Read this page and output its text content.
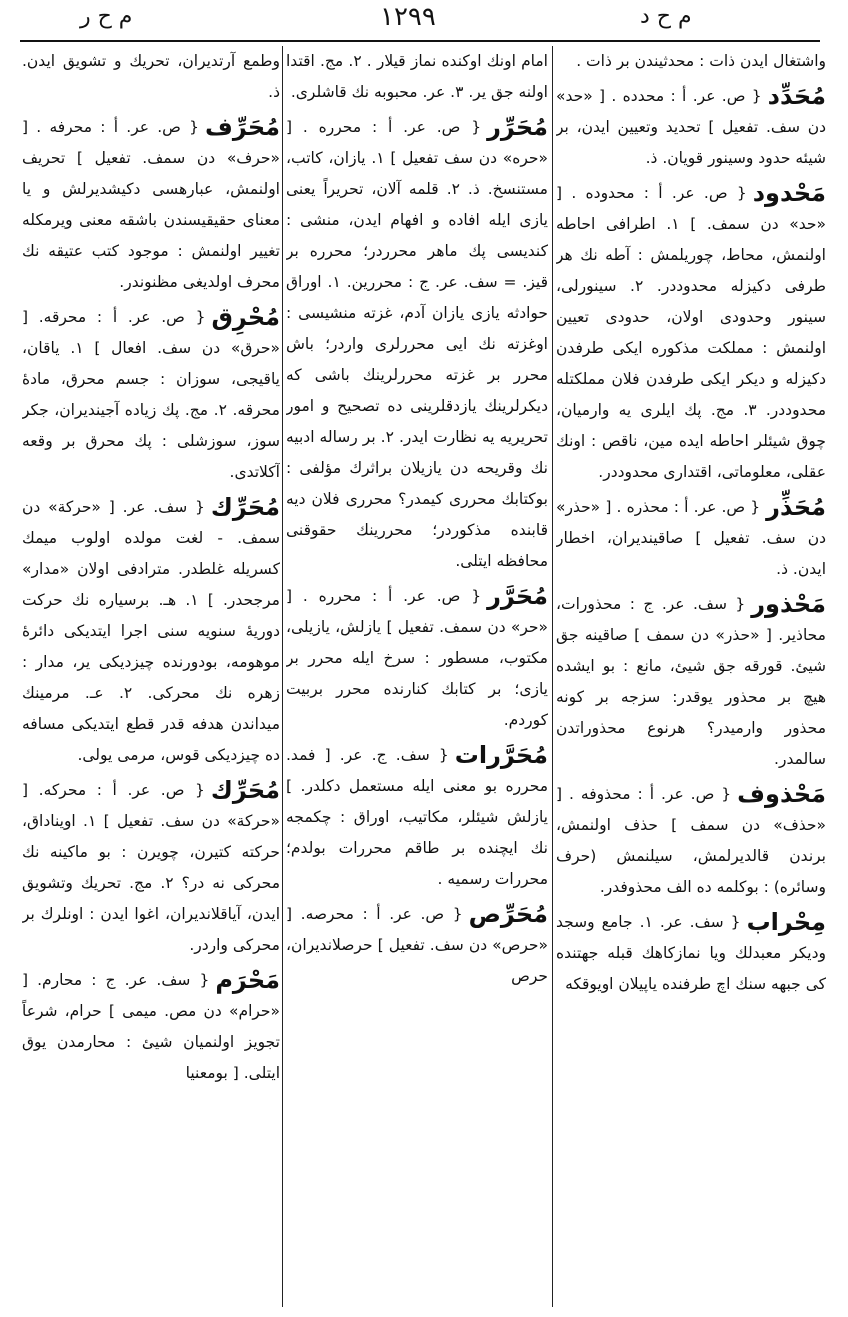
م ح ر	١٢٩٩	م ح د
واشتغال ایدن ذات : محدثیندن بر ذات .
مُحَدِّد
{ ص. عر. أ : محدده . [ «حد» دن سف. تفعیل ] تحدید وتعیین ایدن، بر شیئه حدود وسینور قویان. ذ.
مَحْدود
{ ص. عر. أ : محدوده . [ «حد» دن سمف. ] ١. اطرافی احاطه اولنمش، محاط، چوریلمش : آطه نك هر طرفی دکیزله محدوددر. ٢. سینورلی، سینور وحدودی اولان، حدودی تعیین اولنمش : مملکت مذکوره ایکی طرفدن دکیزله و دیکر ایکی طرفدن فلان مملکتله محدوددر. ٣. مج. پك ایلری یه وارمیان، چوق شیئلر احاطه ایده مین، ناقص : اونك عقلی، معلوماتی، اقتداری محدوددر.
مُحَذِّر
{ ص. عر. أ : محذره . [ «حذر» دن سف. تفعیل ] صاقیندیران، اخطار ایدن. ذ.
مَحْذور
{ سف. عر. ج : محذورات، محاذیر. [ «حذر» دن سمف ] صاقینه جق شیئ. قورقه جق شیئ، مانع : بو ایشده هیچ بر محذور یوقدر: سزجه بر کونه محذور وارمیدر؟ هرنوع محذوراتدن سالمدر.
مَحْذوف
{ ص. عر. أ : محذوفه . [ «حذف» دن سمف ] حذف اولنمش، برندن قالدیرلمش، سیلنمش (حرف وسائره) : بوکلمه ده الف محذوفدر.
مِحْراب
{ سف. عر. ١. جامع وسجد ودیکر معبدلك ویا نمازکاهك قبله جهتنده کی جبهه سنك اچ طرفنده یاپیلان اویوقکه
امام اونك اوكنده نماز قیلار . ٢. مج. اقتدا اولنه جق یر. ٣. عر. محبوبه نك قاشلری.
مُحَرِّر
{ ص. عر. أ : محرره . [ «حره» دن سف تفعیل ] ١. یازان، کاتب، مستنسخ. ذ. ٢. قلمه آلان، تحریراً یعنی یازی ایله افاده و افهام ایدن، منشی : کندیسی پك ماهر محرردر؛ محرره بر قیز. = سف. عر. ج : محررین. ١. اوراق حوادثه یازی یازان آدم، غزته منشیسی : اوغزته نك ایی محررلری واردر؛ باش محرر بر غزته محررلرینك باشی که دیکرلرینك یازدقلرینی ده تصحیح و امور تحریریه یه نظارت ایدر. ٢. بر رساله ادبیه نك وقریحه دن یازیلان براثرك مؤلفی : بوکتابك محرری کیمدر؟ محرری فلان دیه قابنده مذکوردر؛ محررینك حقوقنی محافظه ایتلی.
مُحَرَّر
{ ص. عر. أ : محرره . [ «حر» دن سمف. تفعیل ] یازلش، یازیلی، مکتوب، مسطور : سرخ ایله محرر بر یازی؛ بر کتابك کنارنده محرر بربیت کوردم.
مُحَرَّرات
{ سف. ج. عر. [ فمد. محرره بو معنی ایله مستعمل دکلدر. ] یازلش شیئلر، مکاتیب، اوراق : چکمجه نك ایچنده بر طاقم محررات بولدم؛ محررات رسمیه .
مُحَرِّص
{ ص. عر. أ : محرصه. [ «حرص» دن سف. تفعیل ] حرصلاندیران، حرص
وطمع آرتدیران، تحریك و تشویق ایدن. ذ.
مُحَرِّف
{ ص. عر. أ : محرفه . [ «حرف» دن سمف. تفعیل ] تحریف اولنمش، عبارهسی دکیشدیرلش و یا معنای حقیقیسندن باشقه معنی ویرمکله تغییر اولنمش : موجود کتب عتیقه نك محرف اولدیغی مظنوندر.
مُحْرِق
{ ص. عر. أ : محرقه. [ «حرق» دن سف. افعال ] ١. یاقان، یاقیجی، سوزان : جسم محرق، مادهٔ محرقه. ٢. مج. پك زیاده آجیندیران، جکر سوز، سوزشلی : پك محرق بر وقعه آکلاتدی.
مُحَرِّك
{ سف. عر. [ «حرکة» دن سمف. - لغت مولده اولوب میمك کسریله غلطدر. مترادفی اولان «مدار» مرجحدر. ] ١. هـ. برسیاره نك حرکت دوریهٔ سنویه سنی اجرا ایتدیکی دائرهٔ موهومه، بودورنده چیزدیکی یر، مدار : زهره نك محرکی. ٢. عـ. مرمینك میداندن هدفه قدر قطع ایتدیکی مسافه ده چیزدیکی قوس، مرمی یولی.
مُحَرِّك
{ ص. عر. أ : محرکه. [ «حرکة» دن سف. تفعیل ] ١. اویناداق، حرکته کتیرن، چویرن : بو ماکینه نك محرکی نه در؟ ٢. مج. تحریك وتشویق ایدن، آیاقلاندیران، اغوا ایدن : اونلرك بر محرکی واردر.
مَحْرَم
{ سف. عر. ج : محارم. [ «حرام» دن مص. میمی ] حرام، شرعاً تجویز اولنمیان شیئ : محارمدن یوق ایتلی. [ بومعنیا
